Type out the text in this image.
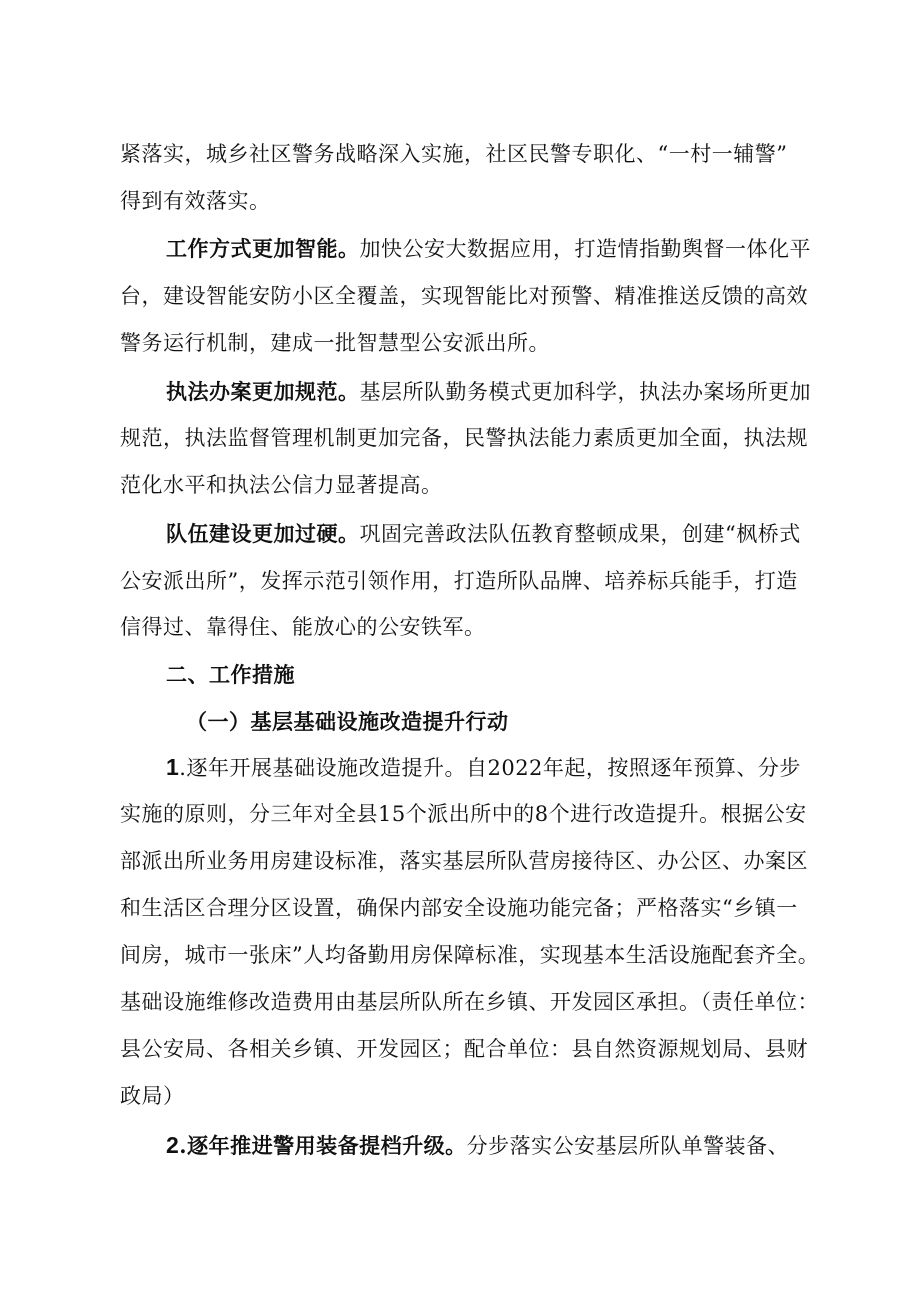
紧落实，城乡社区警务战略深入实施，社区民警专职化、“一村一辅警”
得到有效落实。
工作方式更加智能。加快公安大数据应用，打造情指勤舆督一体化平
台，建设智能安防小区全覆盖，实现智能比对预警、精准推送反馈的高效
警务运行机制，建成一批智慧型公安派出所。
执法办案更加规范。基层所队勤务模式更加科学，执法办案场所更加
规范，执法监督管理机制更加完备，民警执法能力素质更加全面，执法规
范化水平和执法公信力显著提高。
队伍建设更加过硬。巩固完善政法队伍教育整顿成果，创建“枫桥式
公安派出所”，发挥示范引领作用，打造所队品牌、培养标兵能手，打造
信得过、靠得住、能放心的公安铁军。
二、工作措施
（一）基层基础设施改造提升行动
1.逐年开展基础设施改造提升。自2022年起，按照逐年预算、分步
实施的原则，分三年对全县15个派出所中的8个进行改造提升。根据公安
部派出所业务用房建设标准，落实基层所队营房接待区、办公区、办案区
和生活区合理分区设置，确保内部安全设施功能完备；严格落实“乡镇一
间房，城市一张床”人均备勤用房保障标准，实现基本生活设施配套齐全。
基础设施维修改造费用由基层所队所在乡镇、开发园区承担。（责任单位：
县公安局、各相关乡镇、开发园区；配合单位：县自然资源规划局、县财
政局）
2.逐年推进警用装备提档升级。分步落实公安基层所队单警装备、
